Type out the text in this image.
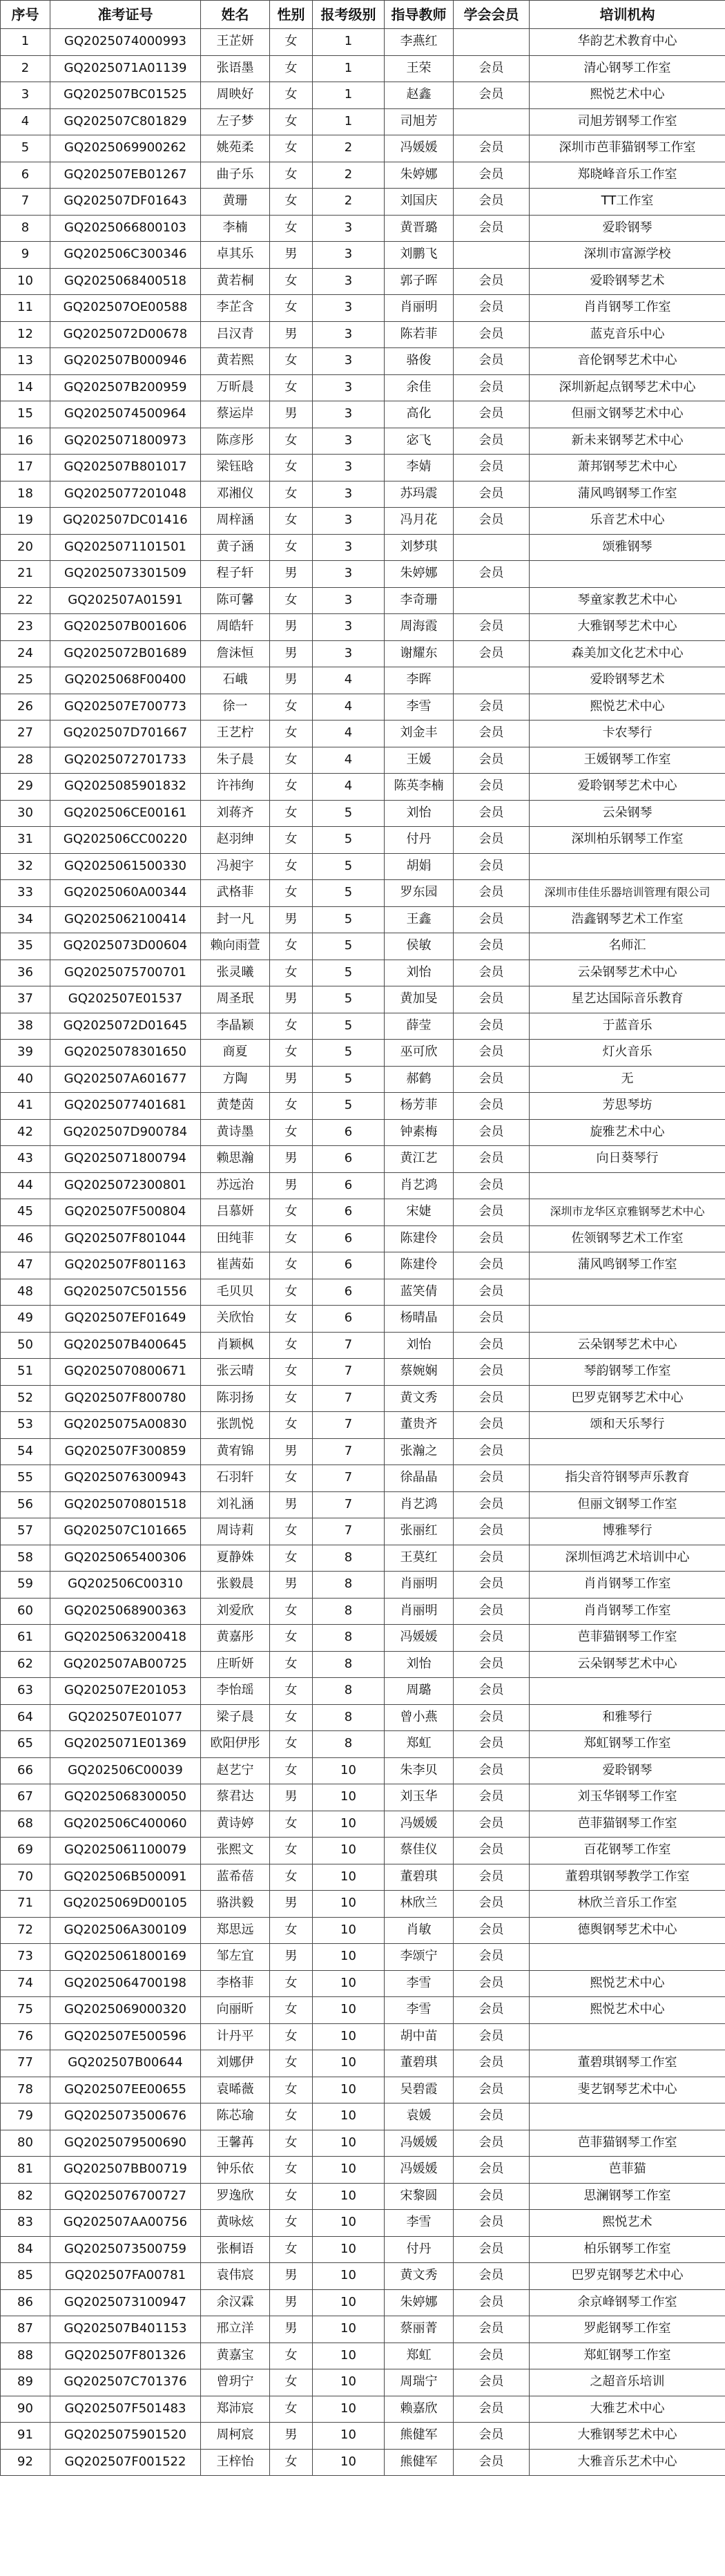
序号	准考证号	姓名	性别	报考级别	指导教师	学会会员	培训机构
1	GQ2025074000993	王芷妍	女	1	李燕红		华韵艺术教育中心
2	GQ2025071A01139	张语墨	女	1	王荣	会员	清心钢琴工作室
3	GQ202507BC01525	周映好	女	1	赵鑫	会员	熙悦艺术中心
4	GQ202507C801829	左子梦	女	1	司旭芳		司旭芳钢琴工作室
5	GQ2025069900262	姚苑柔	女	2	冯媛媛	会员	深圳市芭菲猫钢琴工作室
6	GQ202507EB01267	曲子乐	女	2	朱婷娜	会员	郑晓峰音乐工作室
7	GQ202507DF01643	黄珊	女	2	刘国庆	会员	TT工作室
8	GQ2025066800103	李楠	女	3	黄晋璐	会员	爱聆钢琴
9	GQ202506C300346	卓其乐	男	3	刘鹏飞		深圳市富源学校
10	GQ2025068400518	黄若桐	女	3	郭子晖	会员	爱聆钢琴艺术
11	GQ202507OE00588	李芷含	女	3	肖丽明	会员	肖肖钢琴工作室
12	GQ2025072D00678	吕汉青	男	3	陈若菲	会员	蓝克音乐中心
13	GQ202507B000946	黄若熙	女	3	骆俊	会员	音伦钢琴艺术中心
14	GQ202507B200959	万昕晨	女	3	余佳	会员	深圳新起点钢琴艺术中心
15	GQ2025074500964	蔡运岸	男	3	高化	会员	但丽文钢琴艺术中心
16	GQ2025071800973	陈彦彤	女	3	宓飞	会员	新未来钢琴艺术中心
17	GQ202507B801017	梁钰晗	女	3	李婧	会员	萧邦钢琴艺术中心
18	GQ2025077201048	邓湘仪	女	3	苏玛震	会员	蒲风鸣钢琴工作室
19	GQ202507DC01416	周梓涵	女	3	冯月花	会员	乐音艺术中心
20	GQ2025071101501	黄子涵	女	3	刘梦琪		颂雅钢琴
21	GQ2025073301509	程子轩	男	3	朱婷娜	会员	
22	GQ202507A01591	陈可馨	女	3	李奇珊		琴童家教艺术中心
23	GQ202507B001606	周皓轩	男	3	周海霞	会员	大雅钢琴艺术中心
24	GQ2025072B01689	詹沫恒	男	3	谢耀东	会员	森美加文化艺术中心
25	GQ2025068F00400	石峨	男	4	李晖		爱聆钢琴艺术
26	GQ202507E700773	徐一	女	4	李雪	会员	熙悦艺术中心
27	GQ202507D701667	王艺柠	女	4	刘金丰	会员	卡农琴行
28	GQ2025072701733	朱子晨	女	4	王媛	会员	王媛钢琴工作室
29	GQ2025085901832	许祎绚	女	4	陈英李楠	会员	爱聆钢琴艺术中心
30	GQ202506CE00161	刘蒋齐	女	5	刘怡	会员	云朵钢琴
31	GQ202506CC00220	赵羽绅	女	5	付丹	会员	深圳柏乐钢琴工作室
32	GQ2025061500330	冯昶宇	女	5	胡娟	会员	
33	GQ2025060A00344	武格菲	女	5	罗东园	会员	深圳市佳佳乐器培训管理有限公司
34	GQ2025062100414	封一凡	男	5	王鑫	会员	浩鑫钢琴艺术工作室
35	GQ2025073D00604	赖向雨萱	女	5	侯敏	会员	名师汇
36	GQ2025075700701	张灵曦	女	5	刘怡	会员	云朵钢琴艺术中心
37	GQ202507E01537	周圣珉	男	5	黄加旻	会员	星艺达国际音乐教育
38	GQ2025072D01645	李晶颖	女	5	薛莹	会员	于蓝音乐
39	GQ2025078301650	商夏	女	5	巫可欣	会员	灯火音乐
40	GQ202507A601677	方陶	男	5	郝鹤	会员	无
41	GQ2025077401681	黄楚茵	女	5	杨芳菲	会员	芳思琴坊
42	GQ202507D900784	黄诗墨	女	6	钟素梅	会员	旋雅艺术中心
43	GQ2025071800794	赖思瀚	男	6	黄江艺	会员	向日葵琴行
44	GQ2025072300801	苏远治	男	6	肖艺鸿	会员	
45	GQ202507F500804	吕慕妍	女	6	宋婕	会员	深圳市龙华区京雅钢琴艺术中心
46	GQ202507F801044	田纯菲	女	6	陈建伶	会员	佐领钢琴艺术工作室
47	GQ202507F801163	崔茜茹	女	6	陈建伶	会员	蒲风鸣钢琴工作室
48	GQ202507C501556	毛贝贝	女	6	蓝笑倩	会员	
49	GQ202507EF01649	关欣怡	女	6	杨晴晶	会员	
50	GQ202507B400645	肖颖枫	女	7	刘怡	会员	云朵钢琴艺术中心
51	GQ2025070800671	张云晴	女	7	蔡婉娴	会员	琴韵钢琴工作室
52	GQ202507F800780	陈羽扬	女	7	黄文秀	会员	巴罗克钢琴艺术中心
53	GQ2025075A00830	张凯悦	女	7	董贵齐	会员	颂和天乐琴行
54	GQ202507F300859	黄宥锦	男	7	张瀚之	会员	
55	GQ2025076300943	石羽轩	女	7	徐晶晶	会员	指尖音符钢琴声乐教育
56	GQ2025070801518	刘礼涵	男	7	肖艺鸿	会员	但丽文钢琴工作室
57	GQ202507C101665	周诗莉	女	7	张丽红	会员	博雅琴行
58	GQ2025065400306	夏静姝	女	8	王莫红	会员	深圳恒鸿艺术培训中心
59	GQ202506C00310	张毅晨	男	8	肖丽明	会员	肖肖钢琴工作室
60	GQ2025068900363	刘爱欣	女	8	肖丽明	会员	肖肖钢琴工作室
61	GQ2025063200418	黄嘉彤	女	8	冯媛媛	会员	芭菲猫钢琴工作室
62	GQ202507AB00725	庄昕妍	女	8	刘怡	会员	云朵钢琴艺术中心
63	GQ202507E201053	李怡瑶	女	8	周璐	会员	
64	GQ202507E01077	梁子晨	女	8	曾小燕	会员	和雅琴行
65	GQ2025071E01369	欧阳伊彤	女	8	郑虹	会员	郑虹钢琴工作室
66	GQ202506C00039	赵艺宁	女	10	朱李贝	会员	爱聆钢琴
67	GQ2025068300050	蔡君达	男	10	刘玉华	会员	刘玉华钢琴工作室
68	GQ202506C400060	黄诗婷	女	10	冯媛媛	会员	芭菲猫钢琴工作室
69	GQ2025061100079	张熙文	女	10	蔡佳仪	会员	百花钢琴工作室
70	GQ202506B500091	蓝希蓓	女	10	董碧琪	会员	董碧琪钢琴教学工作室
71	GQ2025069D00105	骆洪毅	男	10	林欣兰	会员	林欣兰音乐工作室
72	GQ202506A300109	郑思远	女	10	肖敏	会员	德舆钢琴艺术中心
73	GQ2025061800169	邹左宜	男	10	李颂宁	会员	
74	GQ2025064700198	李格菲	女	10	李雪	会员	熙悦艺术中心
75	GQ2025069000320	向丽昕	女	10	李雪	会员	熙悦艺术中心
76	GQ202507E500596	计丹平	女	10	胡中苗	会员	
77	GQ202507B00644	刘娜伊	女	10	董碧琪	会员	董碧琪钢琴工作室
78	GQ202507EE00655	袁晞薇	女	10	吴碧霞	会员	斐艺钢琴艺术中心
79	GQ2025073500676	陈芯瑜	女	10	袁媛	会员	
80	GQ2025079500690	王馨苒	女	10	冯媛媛	会员	芭菲猫钢琴工作室
81	GQ202507BB00719	钟乐依	女	10	冯媛媛	会员	芭菲猫
82	GQ2025076700727	罗逸欣	女	10	宋黎圆	会员	思澜钢琴工作室
83	GQ202507AA00756	黄咏炫	女	10	李雪	会员	熙悦艺术
84	GQ2025073500759	张桐语	女	10	付丹	会员	柏乐钢琴工作室
85	GQ202507FA00781	袁伟宸	男	10	黄文秀	会员	巴罗克钢琴艺术中心
86	GQ2025073100947	余汉霖	男	10	朱婷娜	会员	余京峰钢琴工作室
87	GQ202507B401153	邢立洋	男	10	蔡丽菁	会员	罗彪钢琴工作室
88	GQ202507F801326	黄嘉宝	女	10	郑虹	会员	郑虹钢琴工作室
89	GQ202507C701376	曾玥宁	女	10	周瑞宁	会员	之超音乐培训
90	GQ202507F501483	郑沛宸	女	10	赖嘉欣	会员	大雅艺术中心
91	GQ2025075901520	周柯宸	男	10	熊健军	会员	大雅钢琴艺术中心
92	GQ202507F001522	王梓怡	女	10	熊健军	会员	大雅音乐艺术中心
